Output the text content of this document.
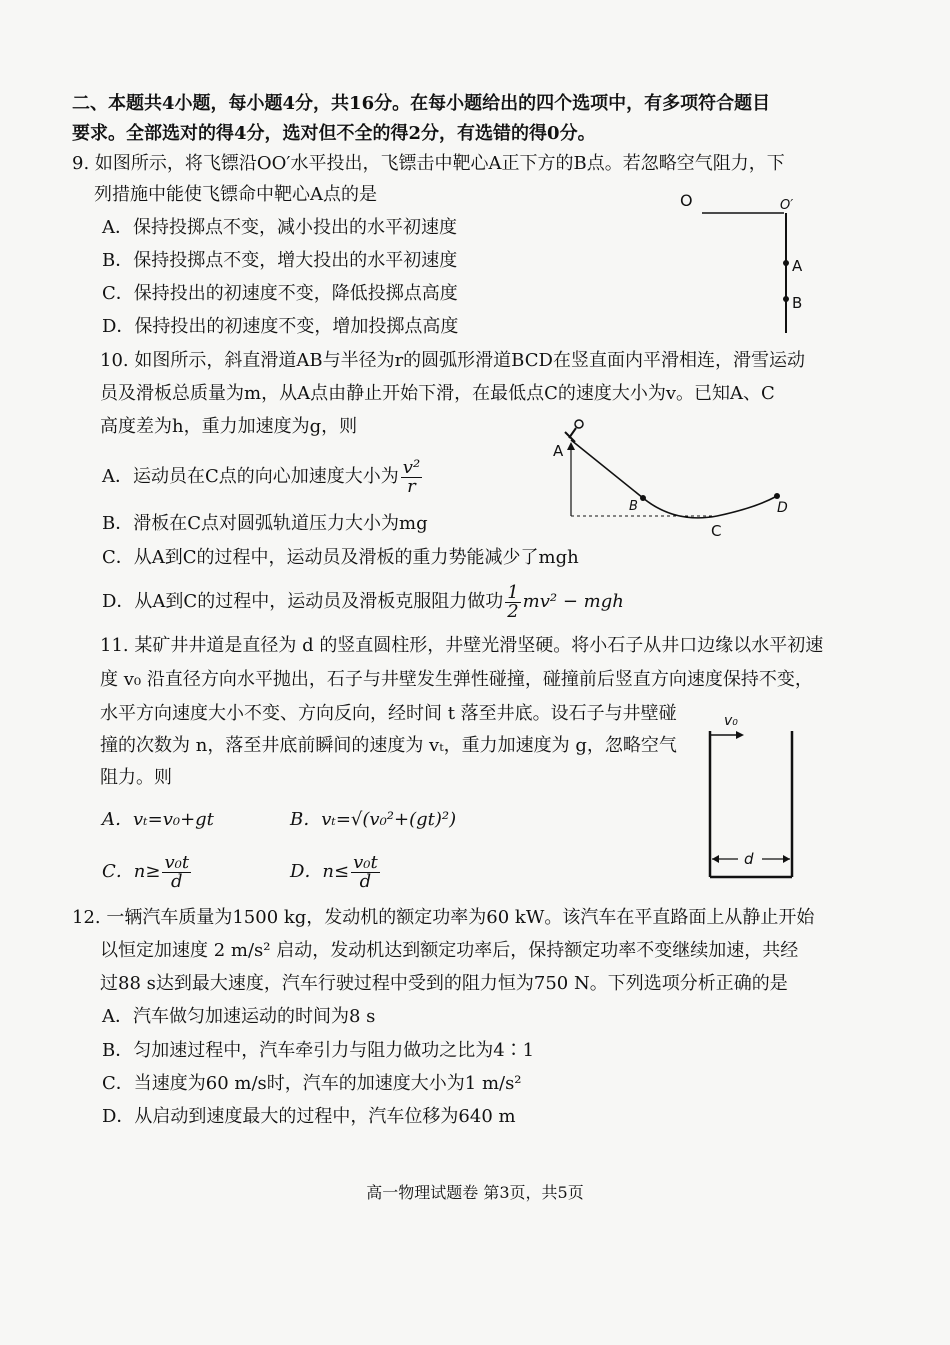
二、本题共4小题，每小题4分，共16分。在每小题给出的四个选项中，有多项符合题目
要求。全部选对的得4分，选对但不全的得2分，有选错的得0分。
9. 如图所示，将飞镖沿OO′水平投出，飞镖击中靶心A正下方的B点。若忽略空气阻力，下
列措施中能使飞镖命中靶心A点的是
A．保持投掷点不变，减小投出的水平初速度
B．保持投掷点不变，增大投出的水平初速度
C．保持投出的初速度不变，降低投掷点高度
D．保持投出的初速度不变，增加投掷点高度
O	O′
A
B
10. 如图所示，斜直滑道AB与半径为r的圆弧形滑道BCD在竖直面内平滑相连，滑雪运动
员及滑板总质量为m，从A点由静止开始下滑，在最低点C的速度大小为v。已知A、C
高度差为h，重力加速度为g，则
A．运动员在C点的向心加速度大小为 $\frac{\text{v²}}{r}$
B．滑板在C点对圆弧轨道压力大小为mg
C．从A到C的过程中，运动员及滑板的重力势能减少了mgh
D．从A到C的过程中，运动员及滑板克服阻力做功 $\frac{1}{2} mv^2$ − mgh
A
B
C
D
11. 某矿井井道是直径为 d 的竖直圆柱形，井壁光滑坚硬。将小石子从井口边缘以水平初速
度 v₀ 沿直径方向水平抛出，石子与井壁发生弹性碰撞，碰撞前后竖直方向速度保持不变，
水平方向速度大小不变、方向反向，经时间 t 落至井底。设石子与井壁碰
撞的次数为 n，落至井底前瞬间的速度为 vₜ，重力加速度为 g，忽略空气
阻力。则
A．vₜ=v₀+gt	B．vₜ=√(v₀²+(gt)²)
C．$n\ge \frac{\text{v₀t}}{d}$	D．$n\le \frac{\text{v₀t}}{d}$
v₀
d
12. 一辆汽车质量为1500 kg，发动机的额定功率为60 kW。该汽车在平直路面上从静止开始
以恒定加速度 2 m/s² 启动，发动机达到额定功率后，保持额定功率不变继续加速，共经
过88 s达到最大速度，汽车行驶过程中受到的阻力恒为750 N。下列选项分析正确的是
A．汽车做匀加速运动的时间为8 s
B．匀加速过程中，汽车牵引力与阻力做功之比为4∶1
C．当速度为60 m/s时，汽车的加速度大小为1 m/s²
D．从启动到速度最大的过程中，汽车位移为640 m
高一物理试题卷 第3页，共5页
